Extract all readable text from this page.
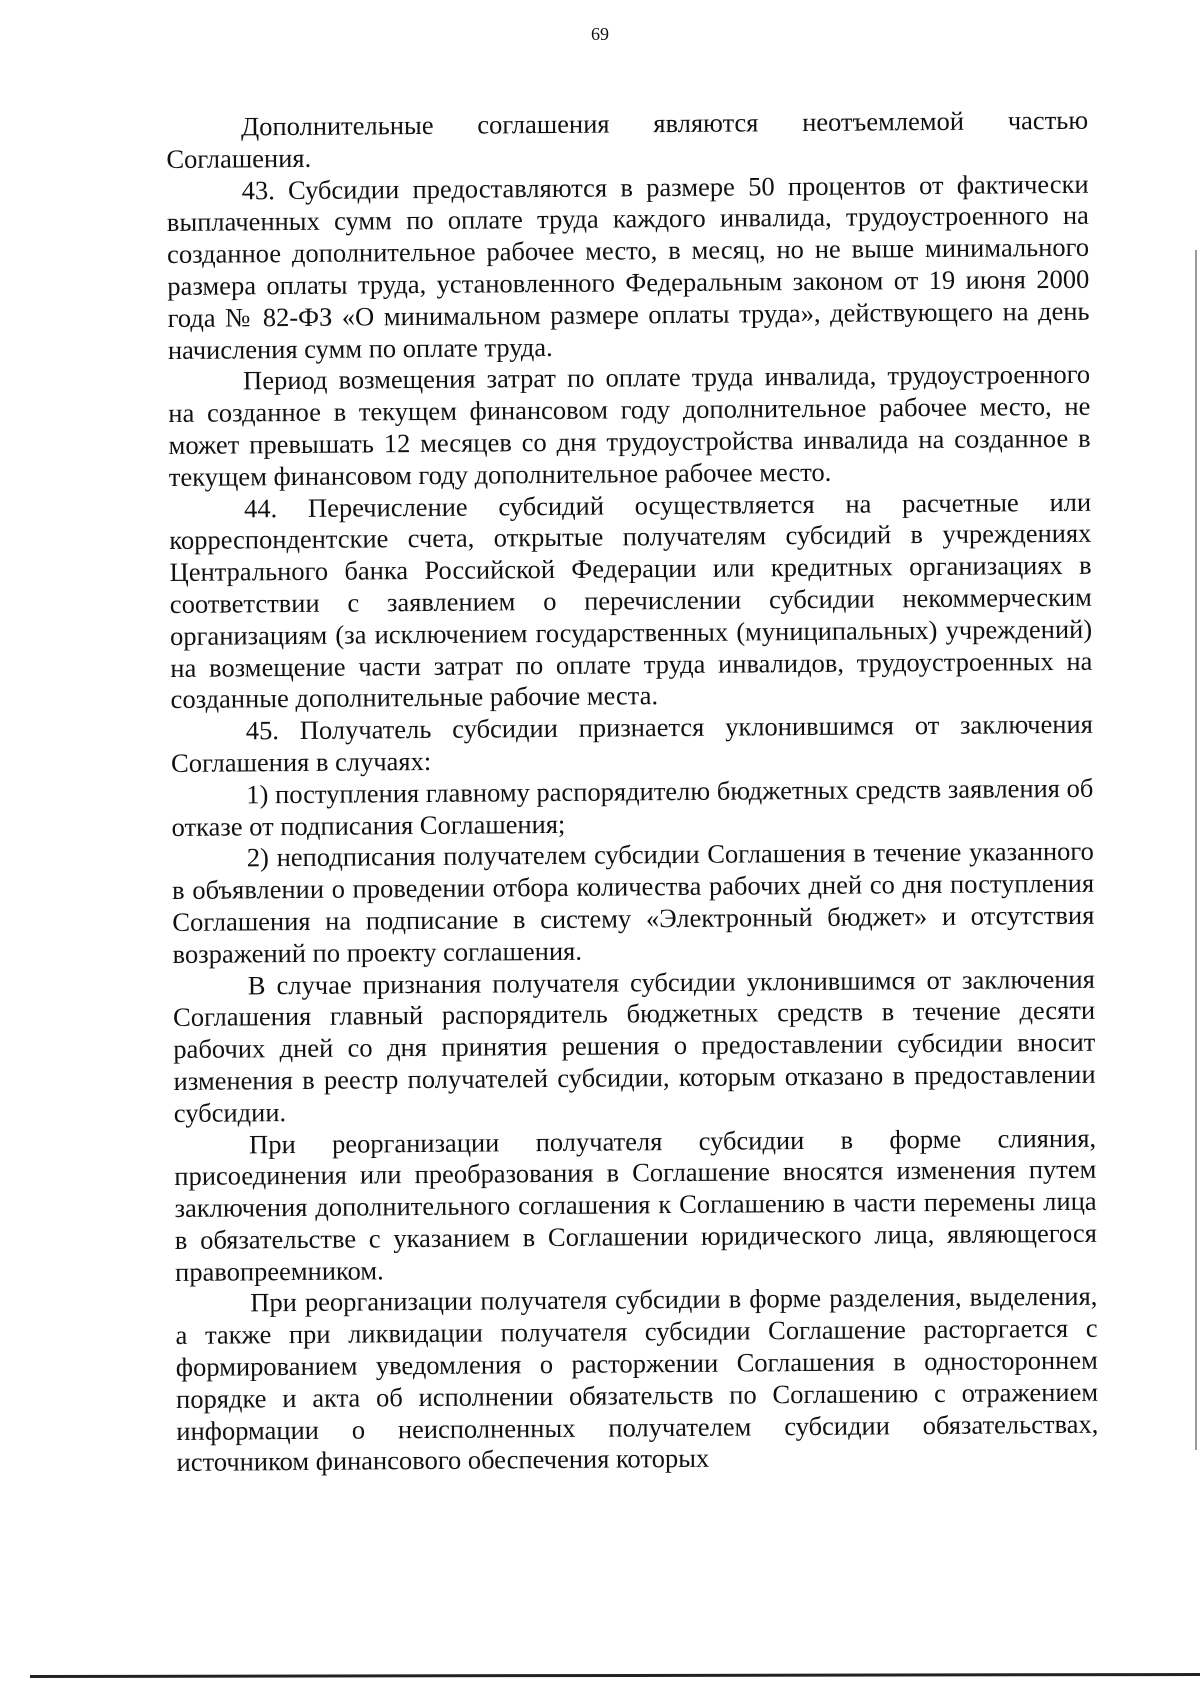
69

Дополнительные соглашения являются неотъемлемой частью Соглашения.

43. Субсидии предоставляются в размере 50 процентов от фактически выплаченных сумм по оплате труда каждого инвалида, трудоустроенного на созданное дополнительное рабочее место, в месяц, но не выше минимального размера оплаты труда, установленного Федеральным законом от 19 июня 2000 года № 82-ФЗ «О минимальном размере оплаты труда», действующего на день начисления сумм по оплате труда.

Период возмещения затрат по оплате труда инвалида, трудоустроенного на созданное в текущем финансовом году дополнительное рабочее место, не может превышать 12 месяцев со дня трудоустройства инвалида на созданное в текущем финансовом году дополнительное рабочее место.

44. Перечисление субсидий осуществляется на расчетные или корреспондентские счета, открытые получателям субсидий в учреждениях Центрального банка Российской Федерации или кредитных организациях в соответствии с заявлением о перечислении субсидии некоммерческим организациям (за исключением государственных (муниципальных) учреждений) на возмещение части затрат по оплате труда инвалидов, трудоустроенных на созданные дополнительные рабочие места.

45. Получатель субсидии признается уклонившимся от заключения Соглашения в случаях:

1) поступления главному распорядителю бюджетных средств заявления об отказе от подписания Соглашения;

2) неподписания получателем субсидии Соглашения в течение указанного в объявлении о проведении отбора количества рабочих дней со дня поступления Соглашения на подписание в систему «Электронный бюджет» и отсутствия возражений по проекту соглашения.

В случае признания получателя субсидии уклонившимся от заключения Соглашения главный распорядитель бюджетных средств в течение десяти рабочих дней со дня принятия решения о предоставлении субсидии вносит изменения в реестр получателей субсидии, которым отказано в предоставлении субсидии.

При реорганизации получателя субсидии в форме слияния, присоединения или преобразования в Соглашение вносятся изменения путем заключения дополнительного соглашения к Соглашению в части перемены лица в обязательстве с указанием в Соглашении юридического лица, являющегося правопреемником.

При реорганизации получателя субсидии в форме разделения, выделения, а также при ликвидации получателя субсидии Соглашение расторгается с формированием уведомления о расторжении Соглашения в одностороннем порядке и акта об исполнении обязательств по Соглашению с отражением информации о неисполненных получателем субсидии обязательствах, источником финансового обеспечения которых
